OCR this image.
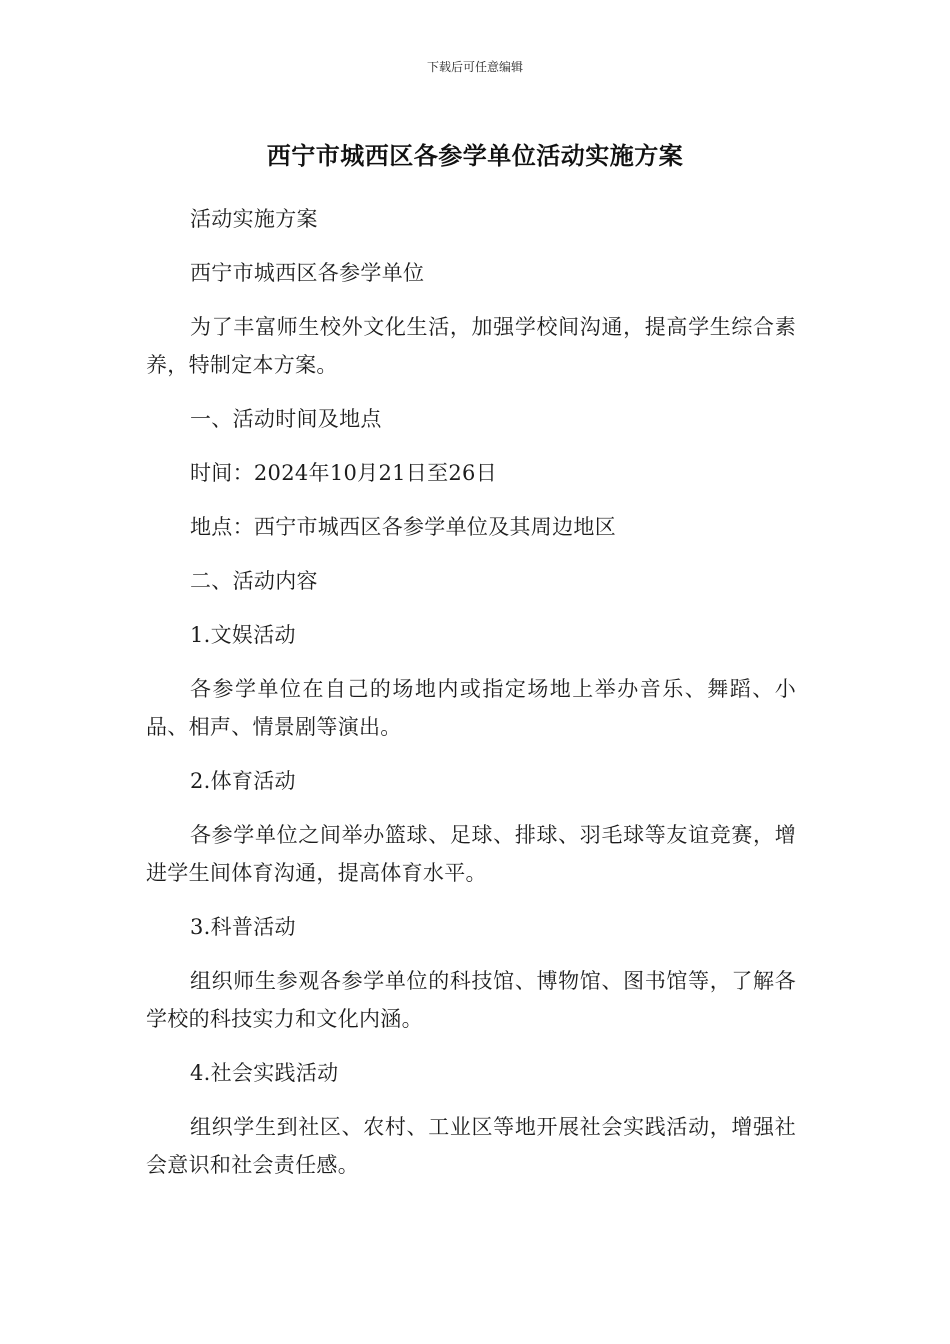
下载后可任意编辑
西宁市城西区各参学单位活动实施方案

活动实施方案

西宁市城西区各参学单位

为了丰富师生校外文化生活，加强学校间沟通，提高学生综合素养，特制定本方案。

一、活动时间及地点

时间：2024年10月21日至26日

地点：西宁市城西区各参学单位及其周边地区

二、活动内容

1.文娱活动

各参学单位在自己的场地内或指定场地上举办音乐、舞蹈、小品、相声、情景剧等演出。

2.体育活动

各参学单位之间举办篮球、足球、排球、羽毛球等友谊竞赛，增进学生间体育沟通，提高体育水平。

3.科普活动

组织师生参观各参学单位的科技馆、博物馆、图书馆等，了解各学校的科技实力和文化内涵。

4.社会实践活动

组织学生到社区、农村、工业区等地开展社会实践活动，增强社会意识和社会责任感。
